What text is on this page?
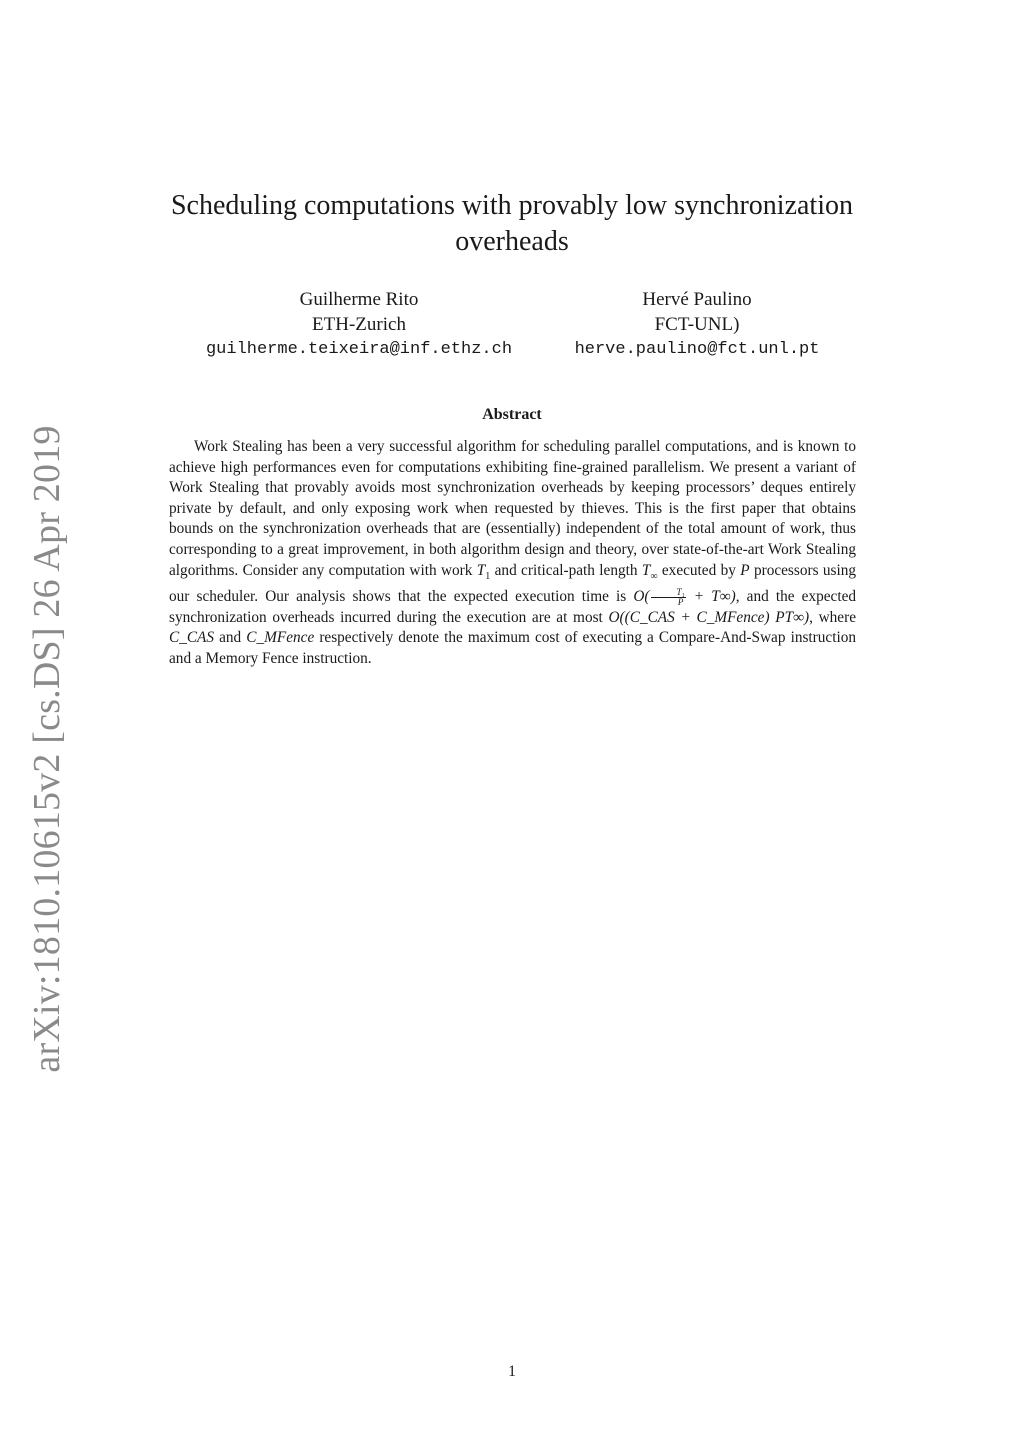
arXiv:1810.10615v2 [cs.DS] 26 Apr 2019
Scheduling computations with provably low synchronization overheads
Guilherme Rito
ETH-Zurich
guilherme.teixeira@inf.ethz.ch
Hervé Paulino
FCT-UNL)
herve.paulino@fct.unl.pt
Abstract
Work Stealing has been a very successful algorithm for scheduling parallel computations, and is known to achieve high performances even for computations exhibiting fine-grained parallelism. We present a variant of Work Stealing that provably avoids most synchronization overheads by keeping processors’ deques entirely private by default, and only exposing work when requested by thieves. This is the first paper that obtains bounds on the synchronization overheads that are (essentially) independent of the total amount of work, thus corresponding to a great improvement, in both algorithm design and theory, over state-of-the-art Work Stealing algorithms. Consider any computation with work $T_1$ and critical-path length $T_\infty$ executed by P processors using our scheduler. Our analysis shows that the expected execution time is $O( \frac{\text{T₁}}{P} + T\infty)$, and the expected synchronization overheads incurred during the execution are at most O((C_CAS + C_MFence) PT∞), where C_CAS and C_MFence respectively denote the maximum cost of executing a Compare-And-Swap instruction and a Memory Fence instruction.
1
